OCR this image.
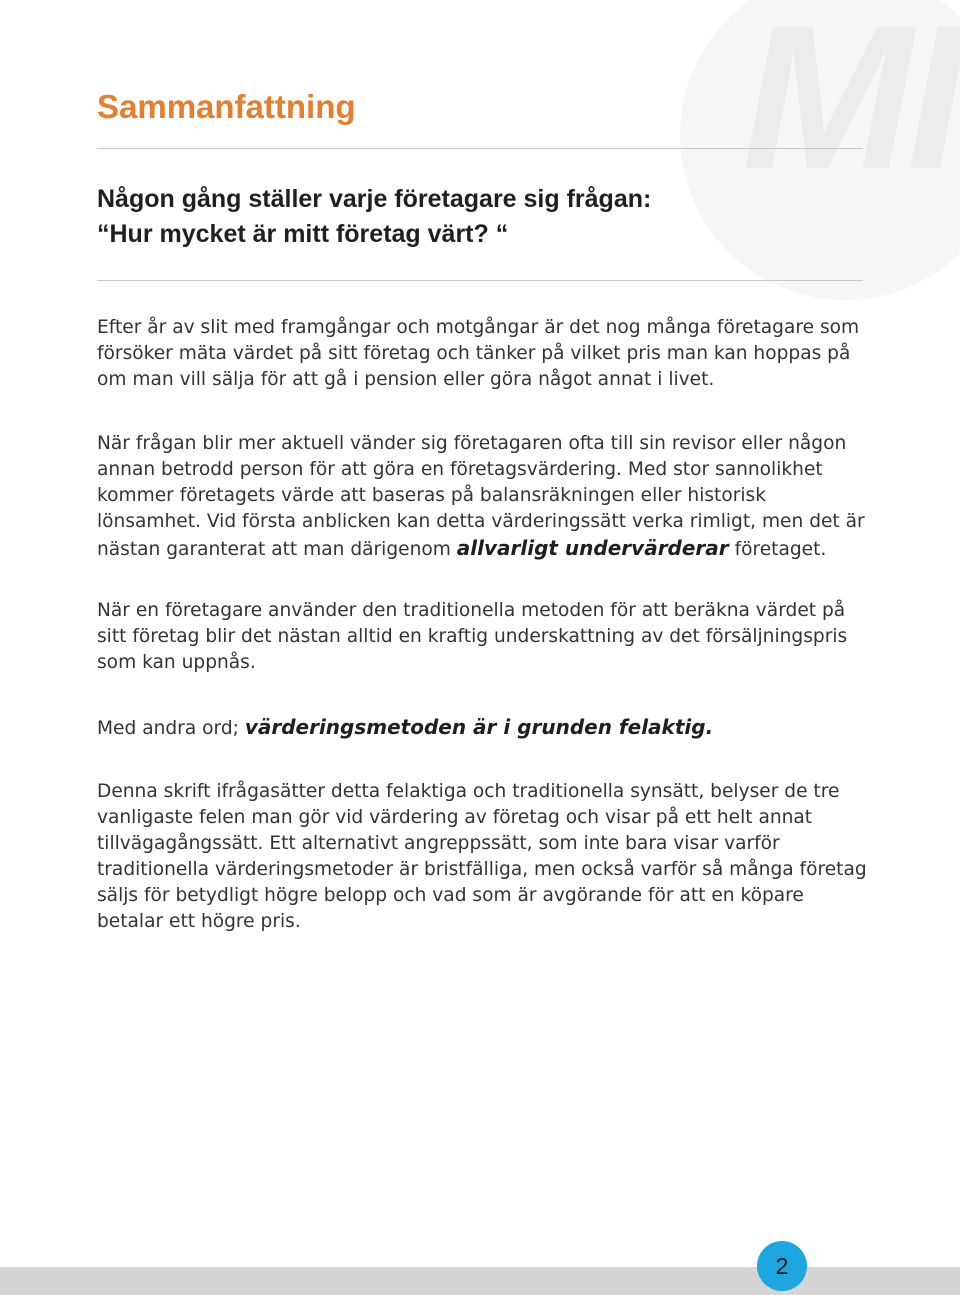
MI
Sammanfattning
Någon gång ställer varje företagare sig frågan:
“Hur mycket är mitt företag värt? “

Efter år av slit med framgångar och motgångar är det nog många företagare som försöker mäta värdet på sitt företag och tänker på vilket pris man kan hoppas på om man vill sälja för att gå i pension eller göra något annat i livet.

När frågan blir mer aktuell vänder sig företagaren ofta till sin revisor eller någon annan betrodd person för att göra en företagsvärdering. Med stor sannolikhet kommer företagets värde att baseras på balansräkningen eller historisk lönsamhet. Vid första anblicken kan detta värderingssätt verka rimligt, men det är nästan garanterat att man därigenom allvarligt undervärderar företaget.

När en företagare använder den traditionella metoden för att beräkna värdet på sitt företag blir det nästan alltid en kraftig underskattning av det försäljningspris som kan uppnås.

Med andra ord; värderingsmetoden är i grunden felaktig.

Denna skrift ifrågasätter detta felaktiga och traditionella synsätt, belyser de tre vanligaste felen man gör vid värdering av företag och visar på ett helt annat tillvägagångssätt. Ett alternativt angreppssätt, som inte bara visar varför traditionella värderingsmetoder är bristfälliga, men också varför så många företag säljs för betydligt högre belopp och vad som är avgörande för att en köpare betalar ett högre pris.

2
